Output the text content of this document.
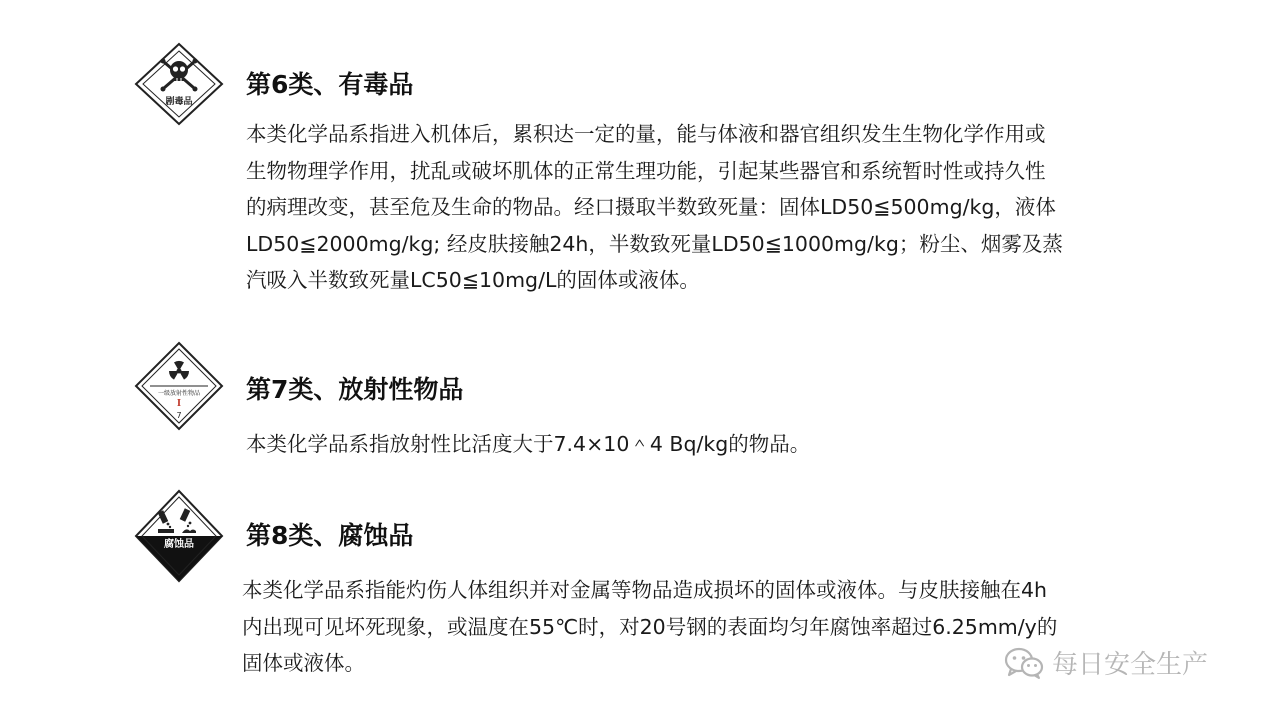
剧毒品
第6类、有毒品
本类化学品系指进入机体后，累积达一定的量，能与体液和器官组织发生生物化学作用或
生物物理学作用，扰乱或破坏肌体的正常生理功能，引起某些器官和系统暂时性或持久性
的病理改变，甚至危及生命的物品。经口摄取半数致死量：固体LD50≦500mg/kg，液体
LD50≦2000mg/kg; 经皮肤接触24h，半数致死量LD50≦1000mg/kg；粉尘、烟雾及蒸
汽吸入半数致死量LC50≦10mg/L的固体或液体。
一级放射性物品
I
7
第7类、放射性物品
本类化学品系指放射性比活度大于7.4×10＾4 Bq/kg的物品。
腐蚀品 第8类、腐蚀品
本类化学品系指能灼伤人体组织并对金属等物品造成损坏的固体或液体。与皮肤接触在4h
内出现可见坏死现象，或温度在55℃时，对20号钢的表面均匀年腐蚀率超过6.25mm/y的
固体或液体。	每日安全生产
